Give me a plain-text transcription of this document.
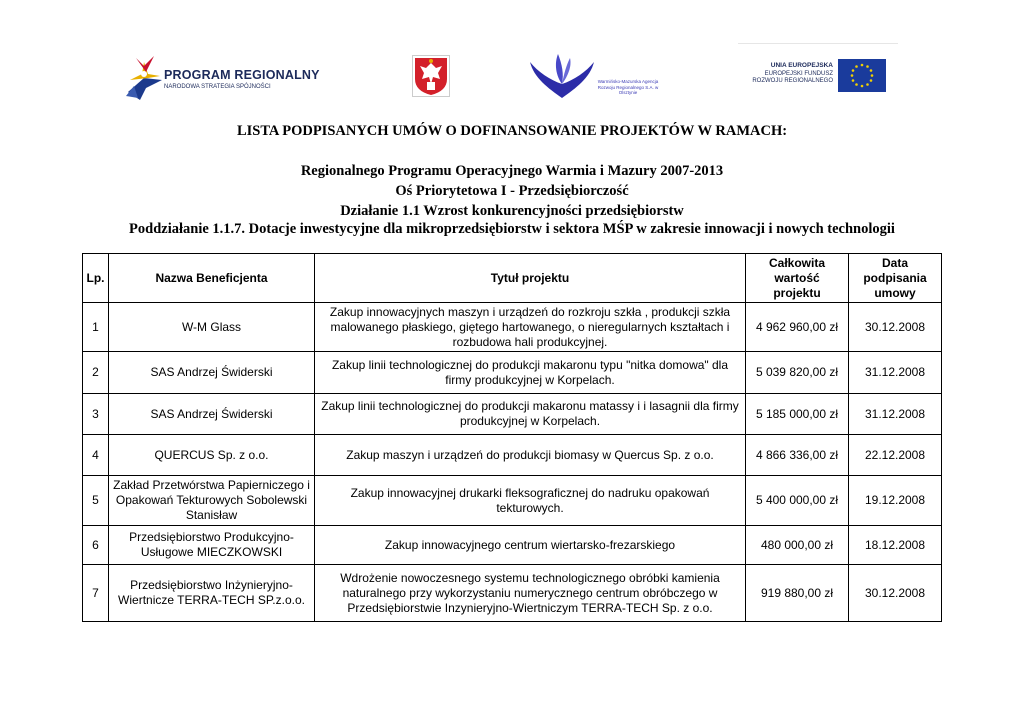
PROGRAM REGIONALNY
NARODOWA STRATEGIA SPÓJNOŚCI
Warmińsko-Mazurska Agencja Rozwoju Regionalnego S.A. w Olsztynie
UNIA EUROPEJSKA
EUROPEJSKI FUNDUSZ
ROZWOJU REGIONALNEGO
LISTA PODPISANYCH UMÓW O DOFINANSOWANIE PROJEKTÓW W RAMACH:
Regionalnego Programu Operacyjnego Warmia i Mazury 2007-2013
Oś Priorytetowa I - Przedsiębiorczość
Działanie 1.1 Wzrost konkurencyjności przedsiębiorstw
Poddziałanie 1.1.7. Dotacje inwestycyjne dla mikroprzedsiębiorstw i sektora MŚP w zakresie innowacji i nowych technologii
Lp.	Nazwa Beneficjenta	Tytuł projektu	Całkowita wartość projektu	Data podpisania umowy
1	W-M Glass	Zakup innowacyjnych maszyn i urządzeń do rozkroju szkła , produkcji szkła malowanego płaskiego, giętego hartowanego, o nieregularnych kształtach i rozbudowa hali produkcyjnej.	4 962 960,00 zł	30.12.2008
2	SAS Andrzej Świderski	Zakup linii technologicznej do produkcji makaronu typu "nitka domowa" dla firmy produkcyjnej w Korpelach.	5 039 820,00 zł	31.12.2008
3	SAS Andrzej Świderski	Zakup linii technologicznej do produkcji makaronu matassy i i lasagnii dla firmy produkcyjnej w Korpelach.	5 185 000,00 zł	31.12.2008
4	QUERCUS Sp. z o.o.	Zakup maszyn i urządzeń do produkcji biomasy w Quercus Sp. z o.o.	4 866 336,00 zł	22.12.2008
5	Zakład Przetwórstwa Papierniczego i Opakowań Tekturowych Sobolewski Stanisław	Zakup innowacyjnej drukarki fleksograficznej do nadruku opakowań tekturowych.	5 400 000,00 zł	19.12.2008
6	Przedsiębiorstwo Produkcyjno-Usługowe MIECZKOWSKI	Zakup innowacyjnego centrum wiertarsko-frezarskiego	480 000,00 zł	18.12.2008
7	Przedsiębiorstwo Inżynieryjno-Wiertnicze TERRA-TECH SP.z.o.o.	Wdrożenie nowoczesnego systemu technologicznego obróbki kamienia naturalnego przy wykorzystaniu numerycznego centrum obróbczego w Przedsiębiorstwie Inzynieryjno-Wiertniczym TERRA-TECH Sp. z o.o.	919 880,00 zł	30.12.2008
